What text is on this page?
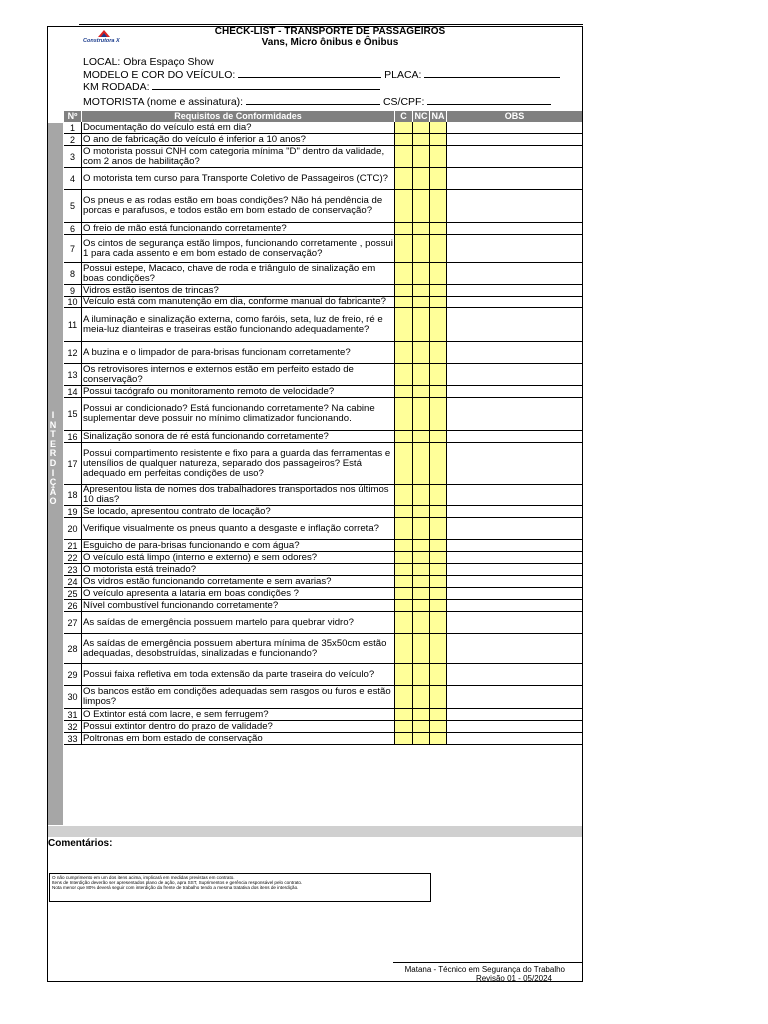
Construtora X
CHECK-LIST - TRANSPORTE DE PASSAGEIROS
Vans, Micro ônibus e Ônibus
LOCAL: Obra Espaço Show
MODELO E COR DO VEÍCULO:	PLACA:
KM RODADA:
MOTORISTA (nome e assinatura):	CS/CPF:
Nº	Requisitos de Conformidades	C NC NA	OBS
I
N
T
E
R
D
I
Ç
Ã
O
1 Documentação do veículo está em dia?
2 O ano de fabricação do veículo é inferior a 10 anos?
3 O motorista possui CNH com categoria mínima "D" dentro da validade, com 2 anos de habilitação?
4 O motorista tem curso para Transporte Coletivo de Passageiros (CTC)?
5 Os pneus e as rodas estão em boas condições? Não há pendência de porcas e parafusos, e todos estão em bom estado de conservação?
6 O freio de mão está funcionando corretamente?
7 Os cintos de segurança estão limpos, funcionando corretamente , possui 1 para cada assento e em bom estado de conservação?
8 Possui estepe, Macaco, chave de roda e triângulo de sinalização em boas condições?
9 Vidros estão isentos de trincas?
10 Veículo está com manutenção em dia, conforme manual do fabricante?
11 A iluminação e sinalização externa, como faróis, seta, luz de freio, ré e meia-luz dianteiras e traseiras estão funcionando adequadamente?
12 A buzina e o limpador de para-brisas funcionam corretamente?
13 Os retrovisores internos e externos estão em perfeito estado de conservação?
14 Possui tacógrafo ou monitoramento remoto de velocidade?
15 Possui ar condicionado? Está funcionando corretamente? Na cabine suplementar deve possuir no mínimo climatizador funcionando.
16 Sinalização sonora de ré está funcionando corretamente?
17
Possui compartimento resistente e fixo para a guarda das ferramentas e utensílios de qualquer natureza, separado dos passageiros? Está adequado em perfeitas condições de uso?
18 Apresentou lista de nomes dos trabalhadores transportados nos últimos 10 dias?
19 Se locado, apresentou contrato de locação?
20 Verifique visualmente os pneus quanto a desgaste e inflação correta?
21 Esguicho de para-brisas funcionando e com água?
22 O veículo está limpo (interno e externo) e sem odores?
23 O motorista está treinado?
24 Os vidros estão funcionando corretamente e sem avarias?
25 O veículo apresenta a lataria em boas condições ?
26 Nível combustível funcionando corretamente?
27 As saídas de emergência possuem martelo para quebrar vidro?
28 As saídas de emergência possuem abertura mínima de 35x50cm estão adequadas, desobstruídas, sinalizadas e funcionando?
29 Possui faixa refletiva em toda extensão da parte traseira do veículo?
30 Os bancos estão em condições adequadas sem rasgos ou furos e estão limpos?
31 O Extintor está com lacre, e sem ferrugem?
32 Possui extintor dentro do prazo de validade?
33 Poltronas em bom estado de conservação
Comentários:
O não cumprimento em um dos itens acima, implicará em medidas previstas em contrato.
Itens de Interdição deverão ser apresentados plano de ação, apra SST, Suprimentos e gerência responsável pelo contrato.
Nota menor que 80% deverá seguir com interdição da frente de trabalho tendo a mesma tratativa dos itens de interdição.
Matana - Técnico em Segurança do Trabalho
Revisão 01 - 05/2024
